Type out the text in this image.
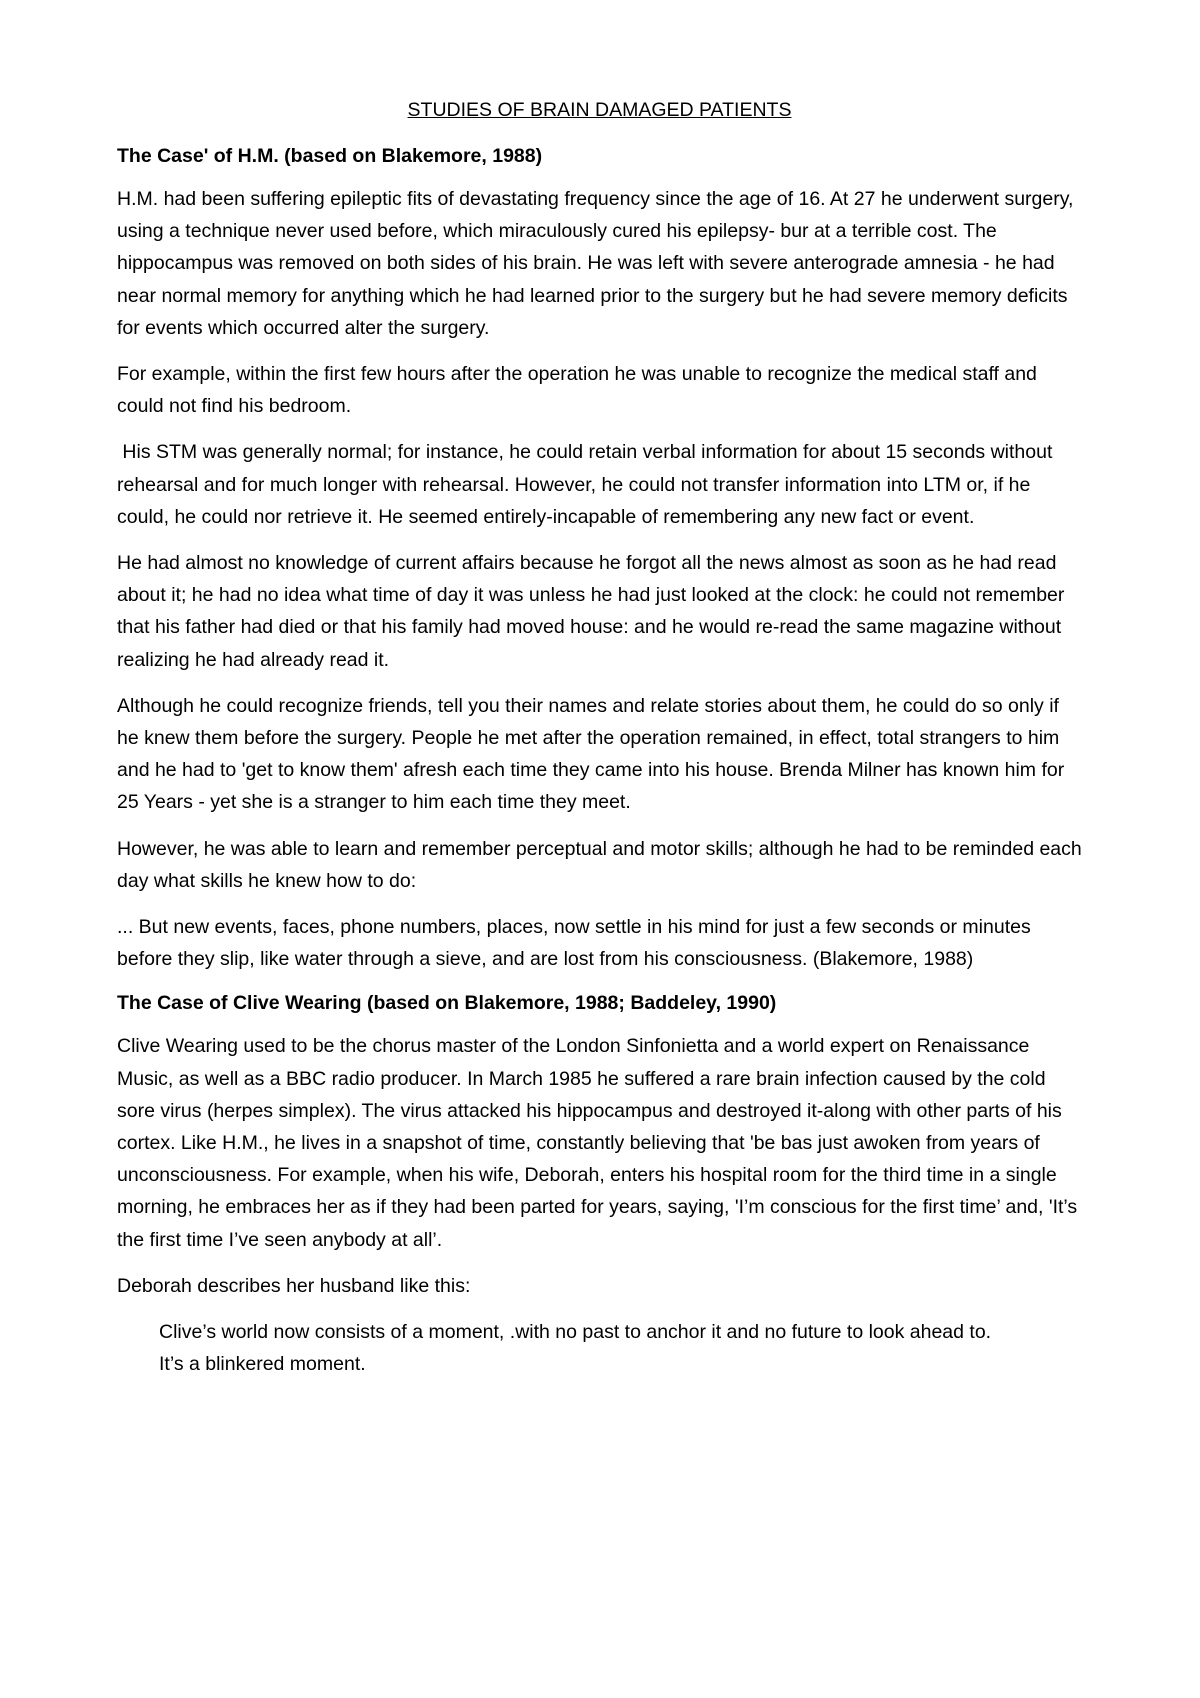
STUDIES OF BRAIN DAMAGED PATIENTS
The Case' of H.M. (based on Blakemore, 1988)
H.M. had been suffering epileptic fits of devastating frequency since the age of 16. At 27 he underwent surgery, using a technique never used before, which miraculously cured his epilepsy- bur at a terrible cost. The hippocampus was removed on both sides of his brain. He was left with severe anterograde amnesia - he had near normal memory for anything which he had learned prior to the surgery but he had severe memory deficits for events which occurred alter the surgery.
For example, within the first few hours after the operation he was unable to recognize the medical staff and could not find his bedroom.
His STM was generally normal; for instance, he could retain verbal information for about 15 seconds without rehearsal and for much longer with rehearsal. However, he could not transfer information into LTM or, if he could, he could nor retrieve it. He seemed entirely-incapable of remembering any new fact or event.
He had almost no knowledge of current affairs because he forgot all the news almost as soon as he had read about it; he had no idea what time of day it was unless he had just looked at the clock: he could not remember that his father had died or that his family had moved house: and he would re-read the same magazine without realizing he had already read it.
Although he could recognize friends, tell you their names and relate stories about them, he could do so only if he knew them before the surgery. People he met after the operation remained, in effect, total strangers to him and he had to 'get to know them' afresh each time they came into his house. Brenda Milner has known him for 25 Years - yet she is a stranger to him each time they meet.
However, he was able to learn and remember perceptual and motor skills; although he had to be reminded each day what skills he knew how to do:
... But new events, faces, phone numbers, places, now settle in his mind for just a few seconds or minutes before they slip, like water through a sieve, and are lost from his consciousness. (Blakemore, 1988)
The Case of Clive Wearing (based on Blakemore, 1988; Baddeley, 1990)
Clive Wearing used to be the chorus master of the London Sinfonietta and a world expert on Renaissance Music, as well as a BBC radio producer. In March 1985 he suffered a rare brain infection caused by the cold sore virus (herpes simplex). The virus attacked his hippocampus and destroyed it-along with other parts of his cortex. Like H.M., he lives in a snapshot of time, constantly believing that 'be bas just awoken from years of unconsciousness. For example, when his wife, Deborah, enters his hospital room for the third time in a single morning, he embraces her as if they had been parted for years, saying, 'I’m conscious for the first time’ and, 'It’s the first time I’ve seen anybody at all’.
Deborah describes her husband like this:
Clive’s world now consists of a moment, .with no past to anchor it and no future to look ahead to. It’s a blinkered moment.
